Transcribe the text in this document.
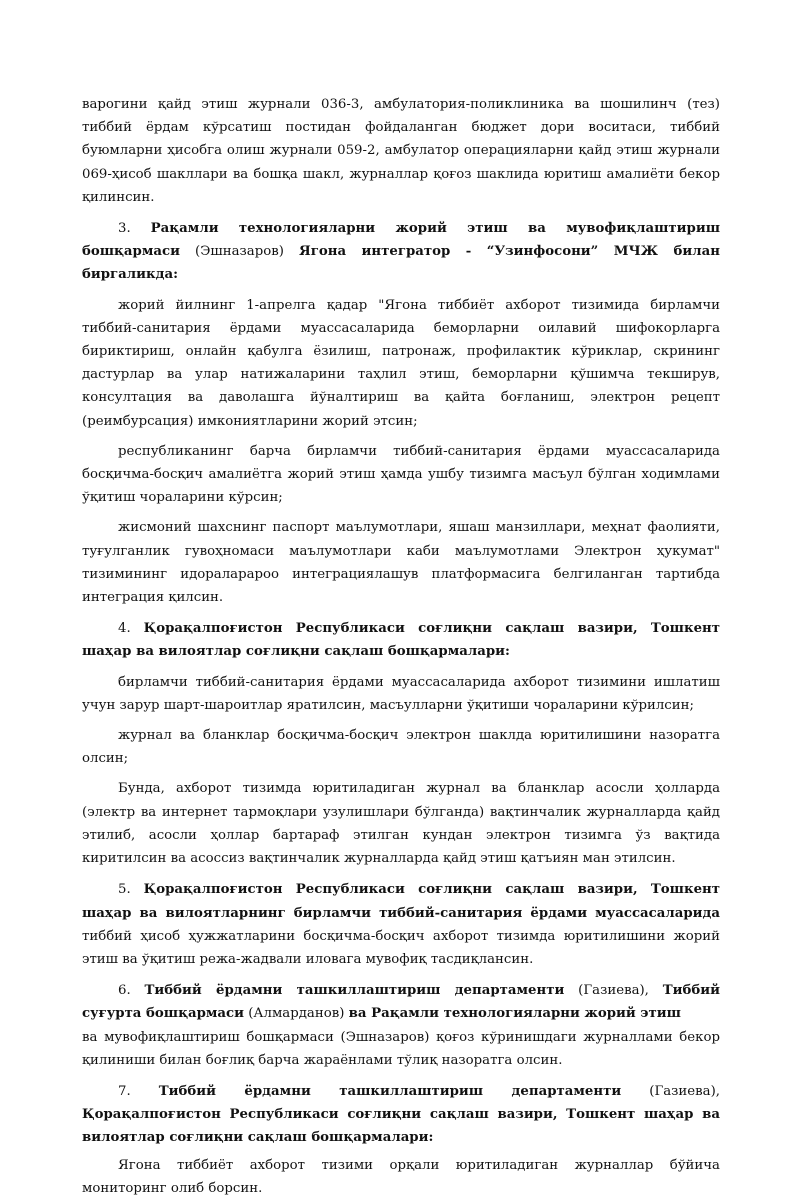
варогини қайд этиш журнали 036-3, амбулатория-поликлиника ва шошилинч (тез) тиббий ёрдам кўрсатиш постидан фойдаланган бюджет дори воситаси, тиббий буюмларни ҳисобга олиш журнали 059-2, амбулатор операцияларни қайд этиш журнали 069-ҳисоб шакллари ва бошқа шакл, журналлар қоғоз шаклида юритиш амалиёти бекор қилинсин.

3. Рақамли технологияларни жорий этиш ва мувофиқлаштириш бошқармаси (Эшназаров) Ягона интегратор - “Узинфосони” МЧЖ билан биргаликда:

жорий йилнинг 1-апрелга қадар "Ягона тиббиёт ахборот тизимида бирламчи тиббий-санитария ёрдами муассасаларида беморларни оилавий шифокорларга бириктириш, онлайн қабулга ёзилиш, патронаж, профилактик кўриклар, скрининг дастурлар ва улар натижаларини таҳлил этиш, беморларни қўшимча текширув, консултация ва даволашга йўналтириш ва қайта боғланиш, электрон рецепт (реимбурсация) имкониятларини жорий этсин;

республиканинг барча бирламчи тиббий-санитария ёрдами муассасаларида босқичма-босқич амалиётга жорий этиш ҳамда ушбу тизимга масъул бўлган ходимлами ўқитиш чораларини кўрсин;

жисмоний шахснинг паспорт маълумотлари, яшаш манзиллари, меҳнат фаолияти, туғулганлик гувоҳномаси маълумотлари каби маълумотлами Электрон ҳукумат" тизимининг идораларароо интеграциялашув платформасига белгиланган тартибда интеграция қилсин.

4. Қорақалпоғистон Республикаси соғлиқни сақлаш вазири, Тошкент шаҳар ва вилоятлар соғлиқни сақлаш бошқармалари:

бирламчи тиббий-санитария ёрдами муассасаларида ахборот тизимини ишлатиш учун зарур шарт-шароитлар яратилсин, масъулларни ўқитиши чораларини кўрилсин;

журнал ва бланклар босқичма-босқич электрон шаклда юритилишини назоратга олсин;

Бунда, ахборот тизимда юритиладиган журнал ва бланклар асосли ҳолларда (электр ва интернет тармоқлари узулишлари бўлганда) вақтинчалик журналларда қайд этилиб, асосли ҳоллар бартараф этилган кундан электрон тизимга ўз вақтида киритилсин ва асоссиз вақтинчалик журналларда қайд этиш қатъиян ман этилсин.

5. Қорақалпоғистон Республикаси соғлиқни сақлаш вазири, Тошкент шаҳар ва вилоятларнинг бирламчи тиббий-санитария ёрдами муассасаларида тиббий ҳисоб ҳужжатларини босқичма-босқич ахборот тизимда юритилишини жорий этиш ва ўқитиш режа-жадвали иловага мувофиқ тасдиқлансин.

6. Тиббий ёрдамни ташкиллаштириш департаменти (Газиева), Тиббий суғурта бошқармаси (Алмарданов) ва Рақамли технологияларни жорий этиш

ва мувофиқлаштириш бошқармаси (Эшназаров) қоғоз кўринишдаги журналлами бекор қилиниши билан боғлиқ барча жараёнлами тўлиқ назоратга олсин.

7. Тиббий ёрдамни ташкиллаштириш департаменти (Газиева), Қорақалпоғистон Республикаси соғлиқни сақлаш вазири, Тошкент шаҳар ва вилоятлар соғлиқни сақлаш бошқармалари:

Ягона тиббиёт ахборот тизими орқали юритиладиган журналлар бўйича мониторинг олиб борсин.
